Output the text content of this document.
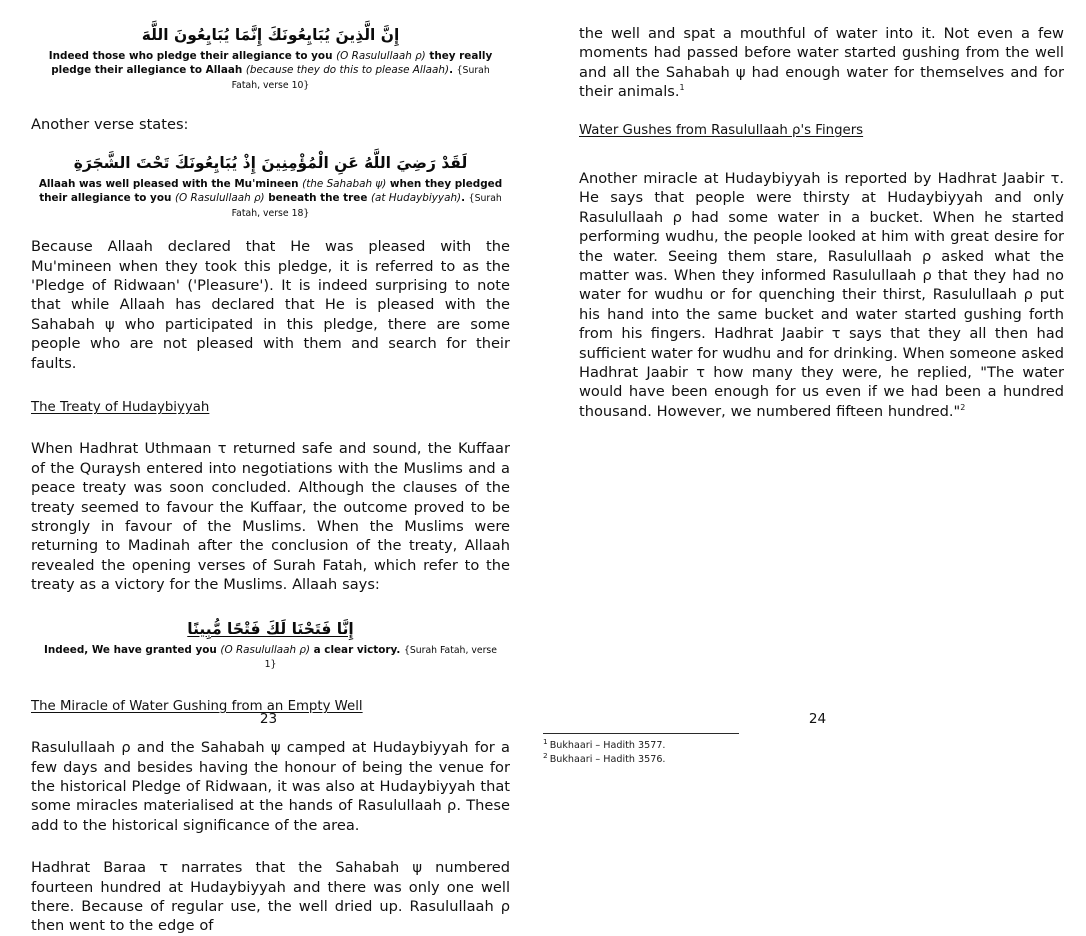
إِنَّ الَّذِينَ يُبَايِعُونَكَ إِنَّمَا يُبَايِعُونَ اللَّهَ
Indeed those who pledge their allegiance to you (O Rasulullaah ρ) they really pledge their allegiance to Allaah (because they do this to please Allaah). {Surah Fatah, verse 10}

Another verse states:

لَقَدْ رَضِيَ اللَّهُ عَنِ الْمُؤْمِنِينَ إِذْ يُبَايِعُونَكَ تَحْتَ الشَّجَرَةِ
Allaah was well pleased with the Mu'mineen (the Sahabah ψ) when they pledged their allegiance to you (O Rasulullaah ρ) beneath the tree (at Hudaybiyyah). {Surah Fatah, verse 18}

Because Allaah declared that He was pleased with the Mu'mineen when they took this pledge, it is referred to as the 'Pledge of Ridwaan' ('Pleasure'). It is indeed surprising to note that while Allaah has declared that He is pleased with the Sahabah ψ who participated in this pledge, there are some people who are not pleased with them and search for their faults.

The Treaty of Hudaybiyyah

When Hadhrat Uthmaan τ returned safe and sound, the Kuffaar of the Quraysh entered into negotiations with the Muslims and a peace treaty was soon concluded. Although the clauses of the treaty seemed to favour the Kuffaar, the outcome proved to be strongly in favour of the Muslims. When the Muslims were returning to Madinah after the conclusion of the treaty, Allaah revealed the opening verses of Surah Fatah, which refer to the treaty as a victory for the Muslims. Allaah says:

إِنَّا فَتَحْنَا لَكَ فَتْحًا مُّبِينًا
Indeed, We have granted you (O Rasulullaah ρ) a clear victory. {Surah Fatah, verse 1}
The Miracle of Water Gushing from an Empty Well

Rasulullaah ρ and the Sahabah ψ camped at Hudaybiyyah for a few days and besides having the honour of being the venue for the historical Pledge of Ridwaan, it was also at Hudaybiyyah that some miracles materialised at the hands of Rasulullaah ρ. These add to the historical significance of the area.

Hadhrat Baraa τ narrates that the Sahabah ψ numbered fourteen hundred at Hudaybiyyah and there was only one well there. Because of regular use, the well dried up. Rasulullaah ρ then went to the edge of

23

the well and spat a mouthful of water into it. Not even a few moments had passed before water started gushing from the well and all the Sahabah ψ had enough water for themselves and for their animals.$^1$

Water Gushes from Rasulullaah ρ's Fingers

Another miracle at Hudaybiyyah is reported by Hadhrat Jaabir τ. He says that people were thirsty at Hudaybiyyah and only Rasulullaah ρ had some water in a bucket. When he started performing wudhu, the people looked at him with great desire for the water. Seeing them stare, Rasulullaah ρ asked what the matter was. When they informed Rasulullaah ρ that they had no water for wudhu or for quenching their thirst, Rasulullaah ρ put his hand into the same bucket and water started gushing forth from his fingers. Hadhrat Jaabir τ says that they all then had sufficient water for wudhu and for drinking. When someone asked Hadhrat Jaabir τ how many they were, he replied, "The water would have been enough for us even if we had been a hundred thousand. However, we numbered fifteen hundred."$^2$

$^1$ Bukhaari – Hadith 3577.

$^2$ Bukhaari – Hadith 3576.

24
